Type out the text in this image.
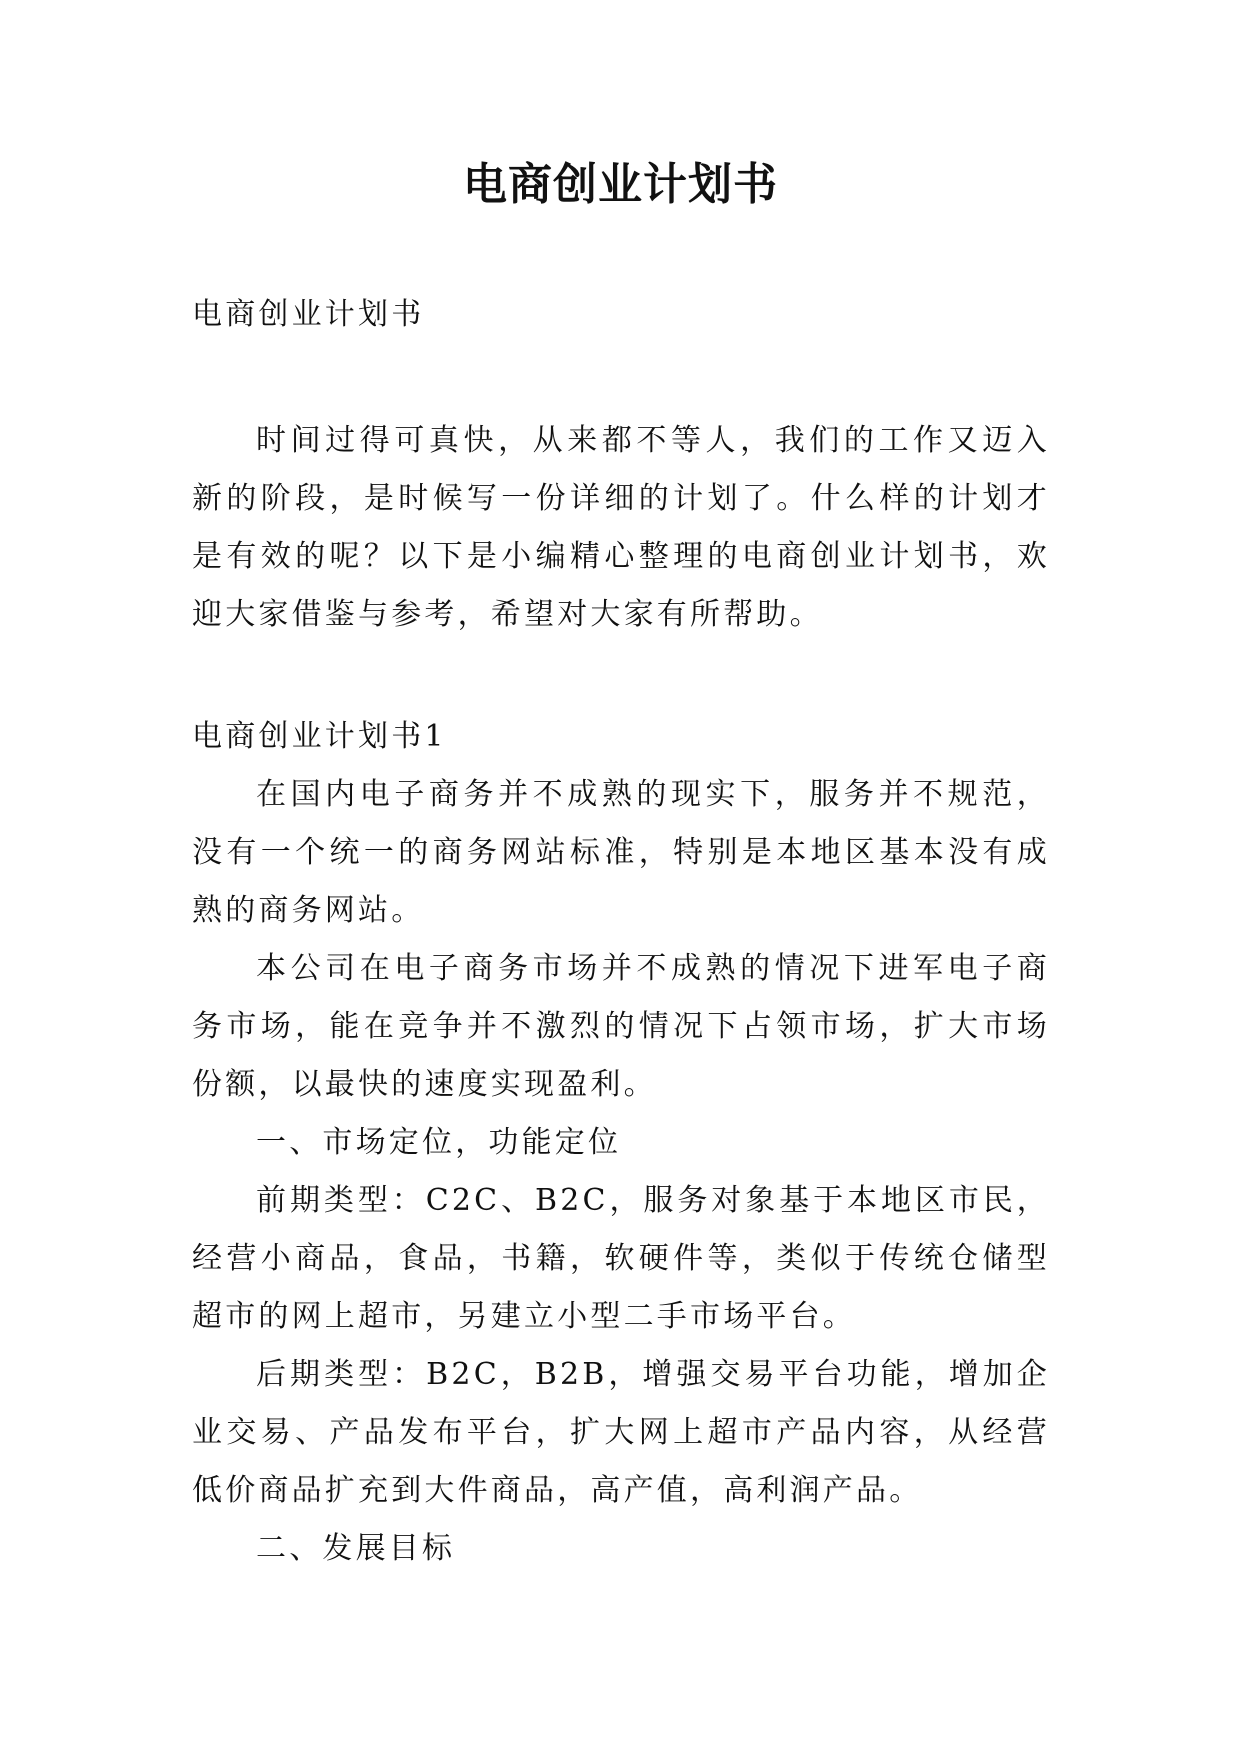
电商创业计划书

电商创业计划书

时间过得可真快，从来都不等人，我们的工作又迈入新的阶段，是时候写一份详细的计划了。什么样的计划才是有效的呢？以下是小编精心整理的电商创业计划书，欢迎大家借鉴与参考，希望对大家有所帮助。

电商创业计划书1

在国内电子商务并不成熟的现实下，服务并不规范，没有一个统一的商务网站标准，特别是本地区基本没有成熟的商务网站。

本公司在电子商务市场并不成熟的情况下进军电子商务市场，能在竞争并不激烈的情况下占领市场，扩大市场份额，以最快的速度实现盈利。

一、市场定位，功能定位

前期类型：C2C、B2C，服务对象基于本地区市民，经营小商品，食品，书籍，软硬件等，类似于传统仓储型超市的网上超市，另建立小型二手市场平台。

后期类型：B2C，B2B，增强交易平台功能，增加企业交易、产品发布平台，扩大网上超市产品内容，从经营低价商品扩充到大件商品，高产值，高利润产品。

二、发展目标
